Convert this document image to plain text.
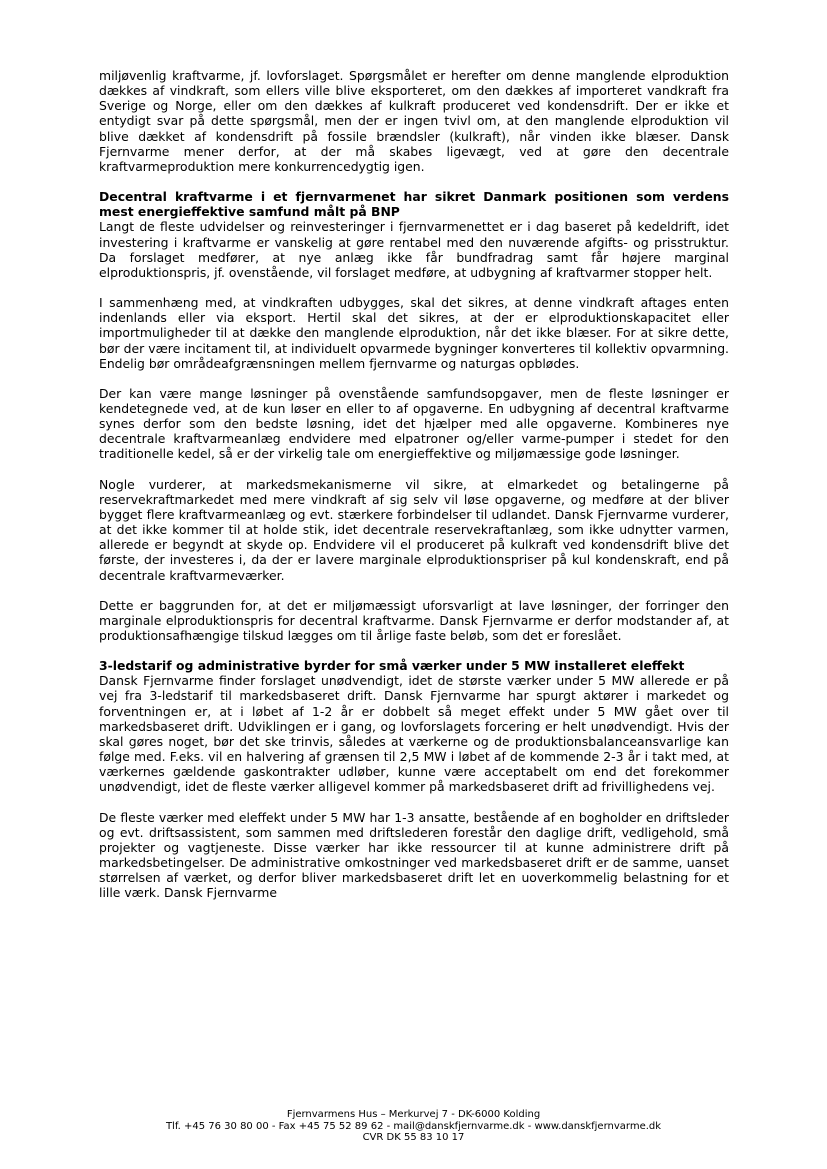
miljøvenlig kraftvarme, jf. lovforslaget. Spørgsmålet er herefter om denne manglende elproduktion dækkes af vindkraft, som ellers ville blive eksporteret, om den dækkes af importeret vandkraft fra Sverige og Norge, eller om den dækkes af kulkraft produceret ved kondensdrift. Der er ikke et entydigt svar på dette spørgsmål, men der er ingen tvivl om, at den manglende elproduktion vil blive dækket af kondensdrift på fossile brændsler (kulkraft), når vinden ikke blæser. Dansk Fjernvarme mener derfor, at der må skabes ligevægt, ved at gøre den decentrale kraftvarmeproduktion mere konkurrencedygtig igen.

Decentral kraftvarme i et fjernvarmenet har sikret Danmark positionen som verdens mest energieffektive samfund målt på BNP

Langt de fleste udvidelser og reinvesteringer i fjernvarmenettet er i dag baseret på kedeldrift, idet investering i kraftvarme er vanskelig at gøre rentabel med den nuværende afgifts- og prisstruktur. Da forslaget medfører, at nye anlæg ikke får bundfradrag samt får højere marginal elproduktionspris, jf. ovenstående, vil forslaget medføre, at udbygning af kraftvarmer stopper helt.

I sammenhæng med, at vindkraften udbygges, skal det sikres, at denne vindkraft aftages enten indenlands eller via eksport. Hertil skal det sikres, at der er elproduktionskapacitet eller importmuligheder til at dække den manglende elproduktion, når det ikke blæser. For at sikre dette, bør der være incitament til, at individuelt opvarmede bygninger konverteres til kollektiv opvarmning. Endelig bør områdeafgrænsningen mellem fjernvarme og naturgas opblødes.

Der kan være mange løsninger på ovenstående samfundsopgaver, men de fleste løsninger er kendetegnede ved, at de kun løser en eller to af opgaverne. En udbygning af decentral kraftvarme synes derfor som den bedste løsning, idet det hjælper med alle opgaverne. Kombineres nye decentrale kraftvarmeanlæg endvidere med elpatroner og/eller varme-pumper i stedet for den traditionelle kedel, så er der virkelig tale om energieffektive og miljømæssige gode løsninger.

Nogle vurderer, at markedsmekanismerne vil sikre, at elmarkedet og betalingerne på reservekraftmarkedet med mere vindkraft af sig selv vil løse opgaverne, og medføre at der bliver bygget flere kraftvarmeanlæg og evt. stærkere forbindelser til udlandet. Dansk Fjernvarme vurderer, at det ikke kommer til at holde stik, idet decentrale reservekraftanlæg, som ikke udnytter varmen, allerede er begyndt at skyde op. Endvidere vil el produceret på kulkraft ved kondensdrift blive det første, der investeres i, da der er lavere marginale elproduktionspriser på kul kondenskraft, end på decentrale kraftvarmeværker.

Dette er baggrunden for, at det er miljømæssigt uforsvarligt at lave løsninger, der forringer den marginale elproduktionspris for decentral kraftvarme. Dansk Fjernvarme er derfor modstander af, at produktionsafhængige tilskud lægges om til årlige faste beløb, som det er foreslået.

3-ledstarif og administrative byrder for små værker under 5 MW installeret eleffekt

Dansk Fjernvarme finder forslaget unødvendigt, idet de største værker under 5 MW allerede er på vej fra 3-ledstarif til markedsbaseret drift. Dansk Fjernvarme har spurgt aktører i markedet og forventningen er, at i løbet af 1-2 år er dobbelt så meget effekt under 5 MW gået over til markedsbaseret drift. Udviklingen er i gang, og lovforslagets forcering er helt unødvendigt. Hvis der skal gøres noget, bør det ske trinvis, således at værkerne og de produktionsbalanceansvarlige kan følge med. F.eks. vil en halvering af grænsen til 2,5 MW i løbet af de kommende 2-3 år i takt med, at værkernes gældende gaskontrakter udløber, kunne være acceptabelt om end det forekommer unødvendigt, idet de fleste værker alligevel kommer på markedsbaseret drift ad frivillighedens vej.

De fleste værker med eleffekt under 5 MW har 1-3 ansatte, bestående af en bogholder en driftsleder og evt. driftsassistent, som sammen med driftslederen forestår den daglige drift, vedligehold, små projekter og vagtjeneste. Disse værker har ikke ressourcer til at kunne administrere drift på markedsbetingelser. De administrative omkostninger ved markedsbaseret drift er de samme, uanset størrelsen af værket, og derfor bliver markedsbaseret drift let en uoverkommelig belastning for et lille værk. Dansk Fjernvarme

Fjernvarmens Hus – Merkurvej 7 - DK-6000 Kolding
Tlf. +45 76 30 80 00 - Fax +45 75 52 89 62 - mail@danskfjernvarme.dk - www.danskfjernvarme.dk
CVR DK 55 83 10 17
